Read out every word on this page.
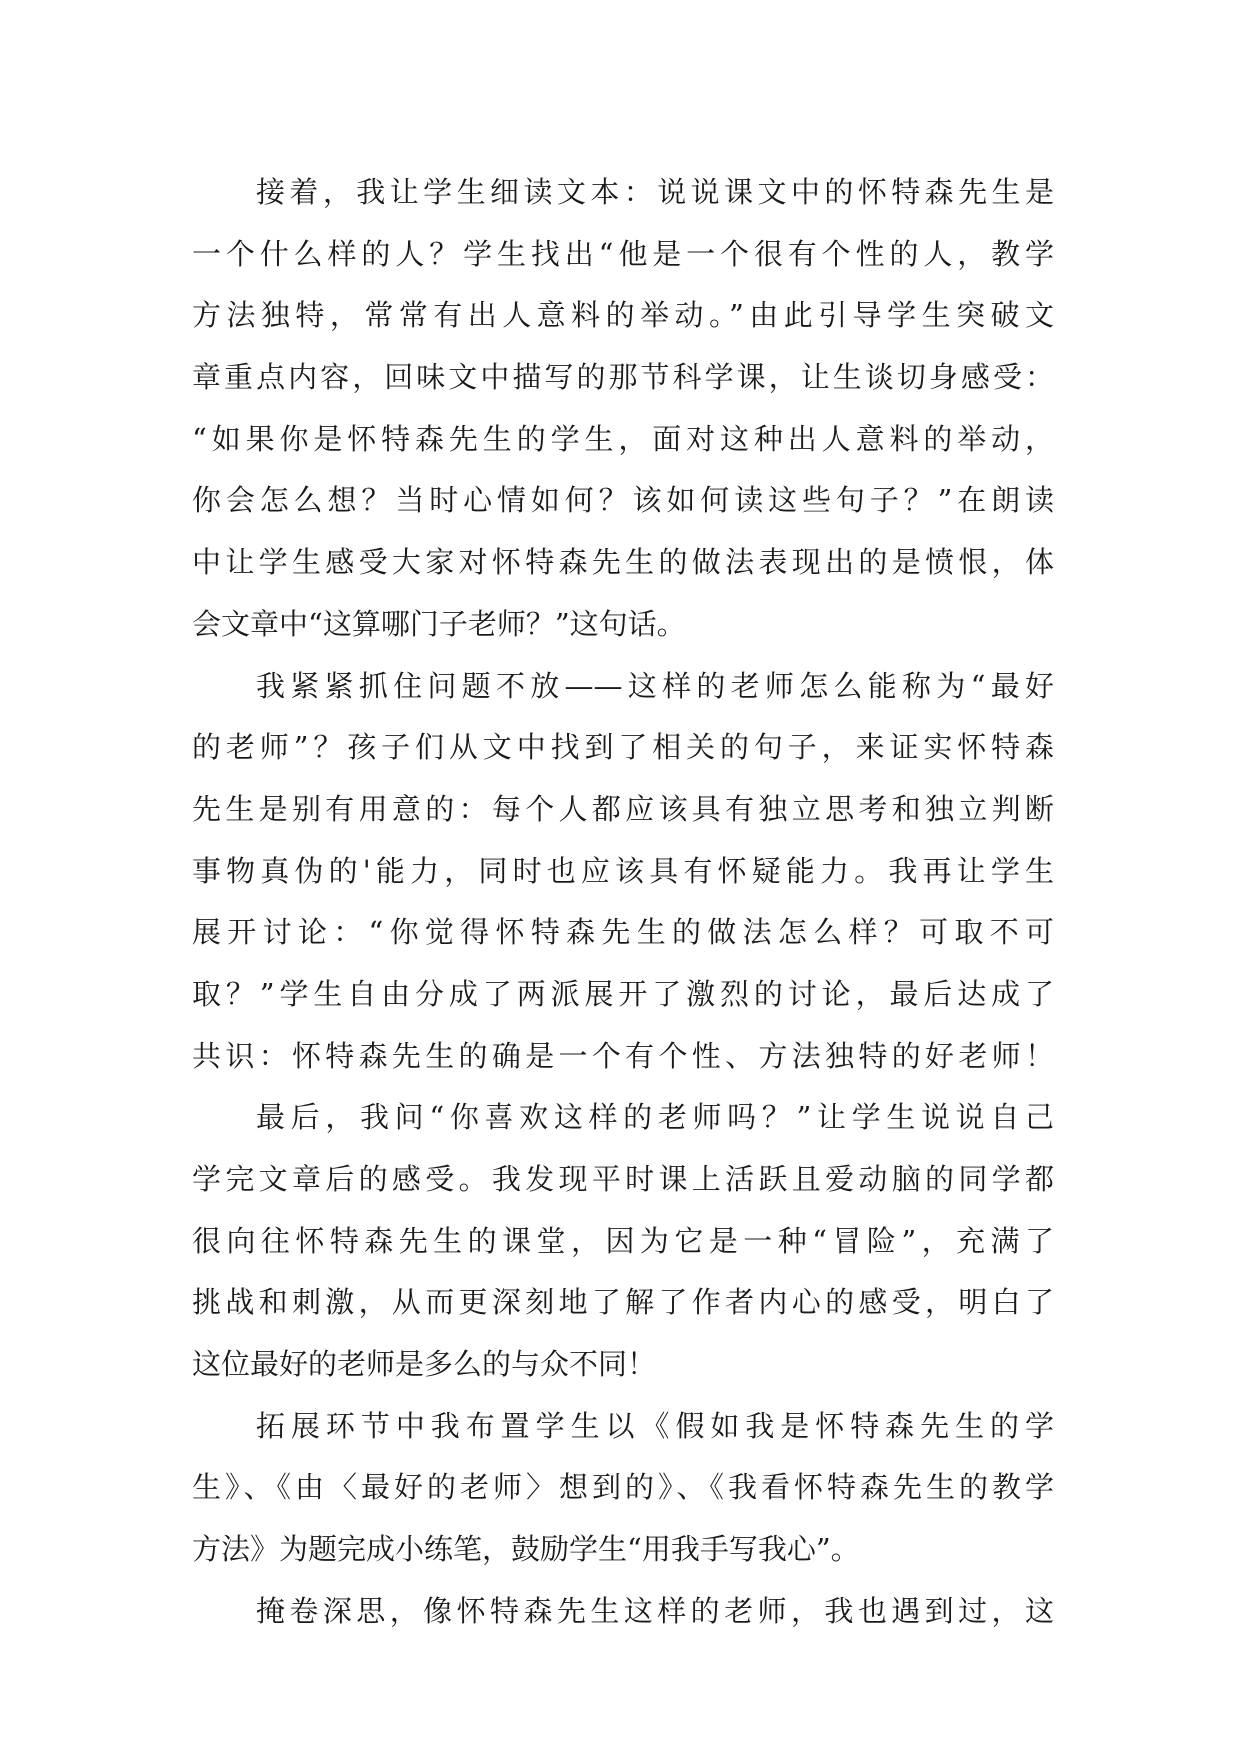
接着，我让学生细读文本：说说课文中的怀特森先生是
一个什么样的人？学生找出“他是一个很有个性的人，教学
方法独特，常常有出人意料的举动。”由此引导学生突破文
章重点内容，回味文中描写的那节科学课，让生谈切身感受：
“如果你是怀特森先生的学生，面对这种出人意料的举动，
你会怎么想？当时心情如何？该如何读这些句子？”在朗读
中让学生感受大家对怀特森先生的做法表现出的是愤恨，体
会文章中“这算哪门子老师？”这句话。
我紧紧抓住问题不放——这样的老师怎么能称为“最好
的老师”？孩子们从文中找到了相关的句子，来证实怀特森
先生是别有用意的：每个人都应该具有独立思考和独立判断
事物真伪的'能力，同时也应该具有怀疑能力。我再让学生
展开讨论：“你觉得怀特森先生的做法怎么样？可取不可
取？”学生自由分成了两派展开了激烈的讨论，最后达成了
共识：怀特森先生的确是一个有个性、方法独特的好老师！
最后，我问“你喜欢这样的老师吗？”让学生说说自己
学完文章后的感受。我发现平时课上活跃且爱动脑的同学都
很向往怀特森先生的课堂，因为它是一种“冒险”，充满了
挑战和刺激，从而更深刻地了解了作者内心的感受，明白了
这位最好的老师是多么的与众不同！
拓展环节中我布置学生以《假如我是怀特森先生的学
生》、《由〈最好的老师〉想到的》、《我看怀特森先生的教学
方法》为题完成小练笔，鼓励学生“用我手写我心”。
掩卷深思，像怀特森先生这样的老师，我也遇到过，这
